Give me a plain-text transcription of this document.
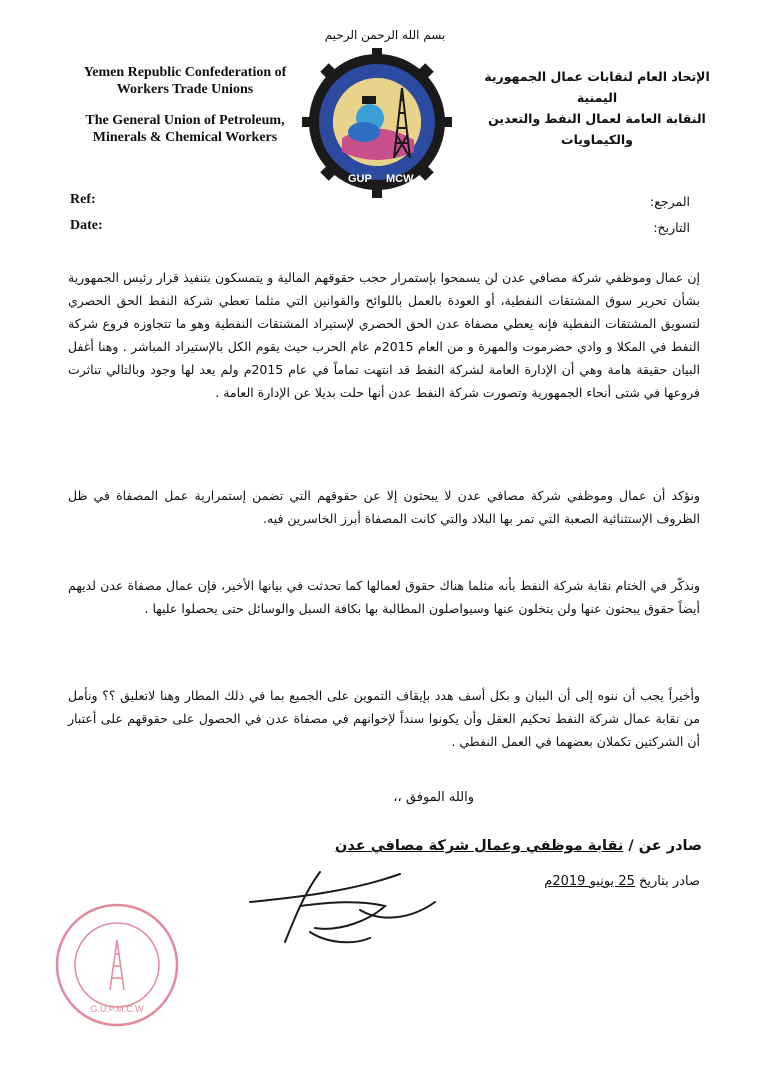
بسم الله الرحمن الرحيم

Yemen Republic Confederation of Workers Trade Unions

The General Union of Petroleum, Minerals & Chemical Workers

GUP MCW

الإتحاد العام لنقابات عمال الجمهورية اليمنية

النقابة العامة لعمال النفط والتعدين والكيماويات

Ref:
Date:
المرجع:
التاريخ:

إن عمال وموظفي شركة مصافي عدن لن يسمحوا بإستمرار حجب حقوقهم المالية و يتمسكون بتنفيذ قرار رئيس الجمهورية بشأن تحرير سوق المشتقات النفطية، أو العودة بالعمل باللوائح والقوانين التي مثلما تعطي شركة النفط الحق الحصري لتسويق المشتقات النفطية فإنه يعطي مصفاة عدن الحق الحصري لإستيراد المشتقات النفطية وهو ما تتجاوزه فروع شركة النفط في المكلا و وادي حضرموت والمهرة و من العام 2015م عام الحرب حيث يقوم الكل بالإستيراد المباشر . وهنا أغفل البيان حقيقة هامة وهي أن الإدارة العامة لشركة النفط قد انتهت تماماً في عام 2015م ولم يعد لها وجود وبالتالي تناثرت فروعها في شتى أنحاء الجمهورية وتصورت شركة النفط عدن أنها حلت بديلا عن الإدارة العامة .

ونؤكد أن عمال وموظفي شركة مصافي عدن لا يبحثون إلا عن حقوقهم التي تضمن إستمرارية عمل المصفاة في ظل الظروف الإستثنائية الصعبة التي تمر بها البلاد والتي كانت المصفاة أبرز الخاسرين فيه.

ونذكّر في الختام نقابة شركة النفط بأنه مثلما هناك حقوق لعمالها كما تحدثت في بيانها الأخير، فإن عمال مصفاة عدن لديهم أيضاً حقوق يبحثون عنها ولن يتخلون عنها وسيواصلون المطالبة بها بكافة السبل والوسائل حتى يحصلوا عليها .

وأخيراً يجب أن ننوه إلى أن البيان و بكل أسف هدد بإيقاف التموين على الجميع بما في ذلك المطار وهنا لاتعليق ؟؟ ونأمل من نقابة عمال شركة النفط تحكيم العقل وأن يكونوا سنداً لإخوانهم في مصفاة عدن في الحصول على حقوقهم على أعتبار أن الشركتين تكملان بعضهما في العمل النفطي .

والله الموفق ،،
صادر عن / نقابة موظفي وعمال شركة مصافي عدن
صادر بتاريخ 25 يونيو 2019م
G.U.P.M.C.W
